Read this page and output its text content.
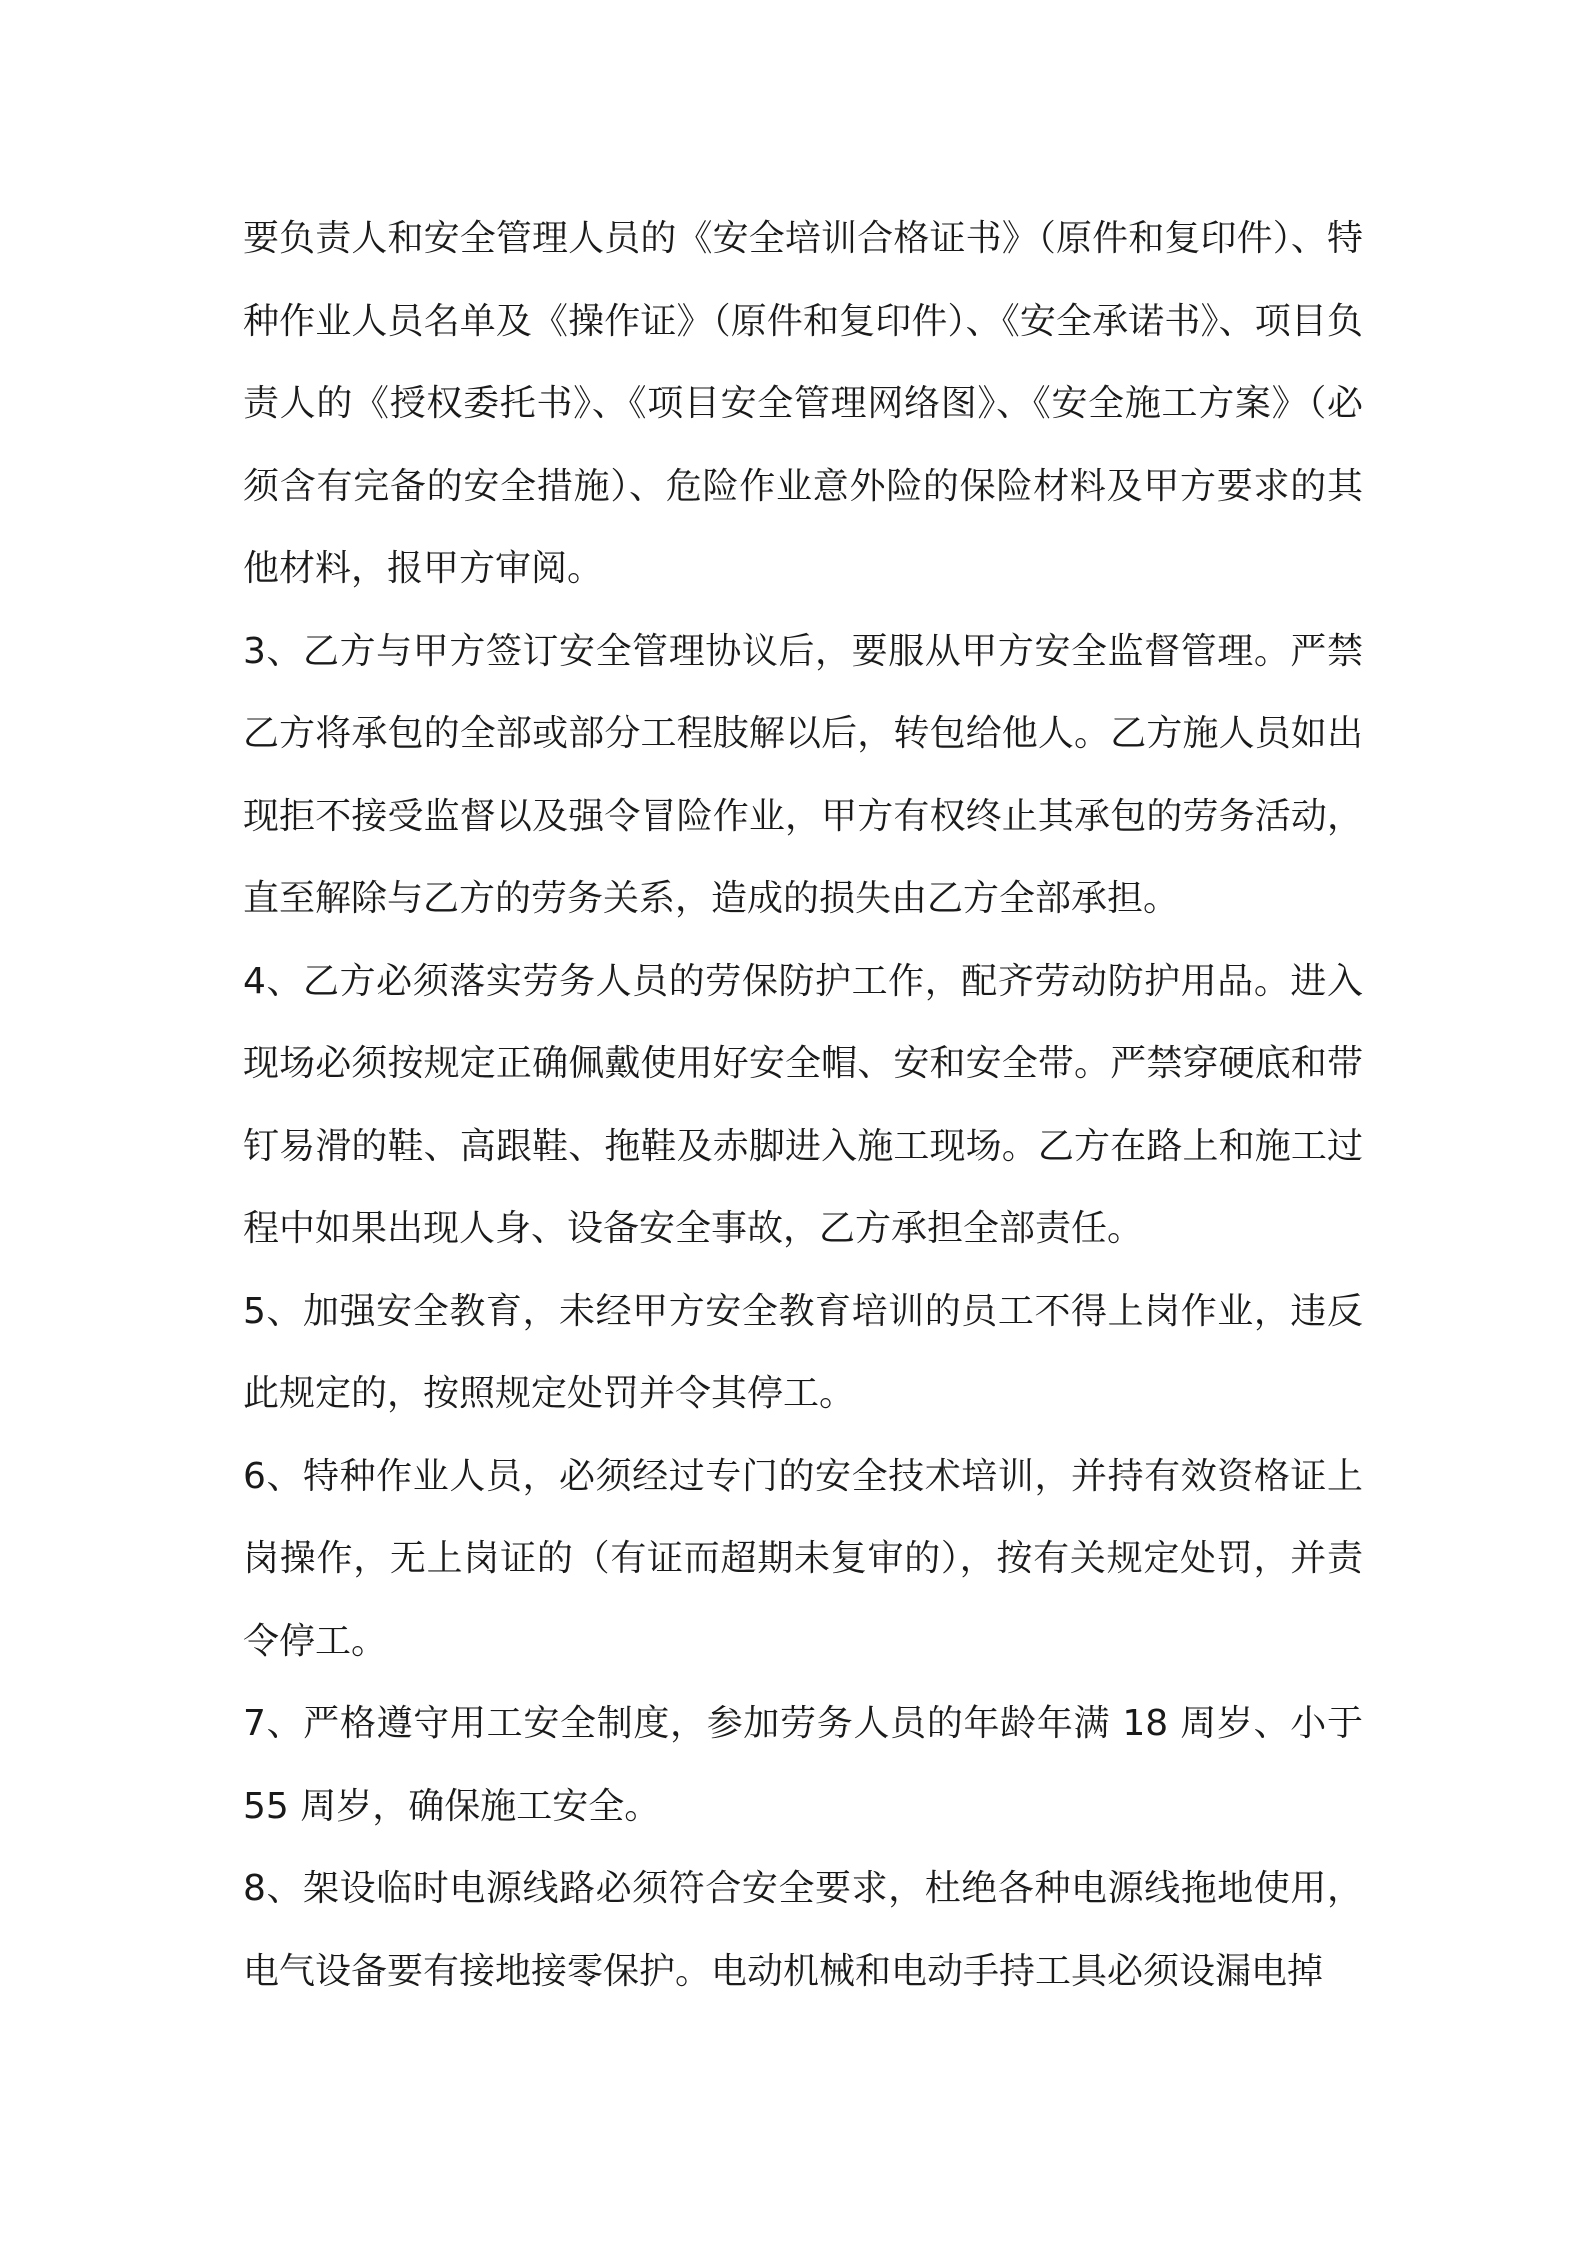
要负责人和安全管理人员的《安全培训合格证书》（原件和复印件）、特种作业人员名单及《操作证》（原件和复印件）、《安全承诺书》、项目负责人的《授权委托书》、《项目安全管理网络图》、《安全施工方案》（必须含有完备的安全措施）、危险作业意外险的保险材料及甲方要求的其他材料，报甲方审阅。

3、乙方与甲方签订安全管理协议后，要服从甲方安全监督管理。严禁乙方将承包的全部或部分工程肢解以后，转包给他人。乙方施人员如出现拒不接受监督以及强令冒险作业，甲方有权终止其承包的劳务活动，直至解除与乙方的劳务关系，造成的损失由乙方全部承担。

4、乙方必须落实劳务人员的劳保防护工作，配齐劳动防护用品。进入现场必须按规定正确佩戴使用好安全帽、安和安全带。严禁穿硬底和带钉易滑的鞋、高跟鞋、拖鞋及赤脚进入施工现场。乙方在路上和施工过程中如果出现人身、设备安全事故，乙方承担全部责任。

5、加强安全教育，未经甲方安全教育培训的员工不得上岗作业，违反此规定的，按照规定处罚并令其停工。

6、特种作业人员，必须经过专门的安全技术培训，并持有效资格证上岗操作，无上岗证的（有证而超期未复审的），按有关规定处罚，并责令停工。

7、严格遵守用工安全制度，参加劳务人员的年龄年满 18 周岁、小于 55 周岁，确保施工安全。

8、架设临时电源线路必须符合安全要求，杜绝各种电源线拖地使用，电气设备要有接地接零保护。电动机械和电动手持工具必须设漏电掉
